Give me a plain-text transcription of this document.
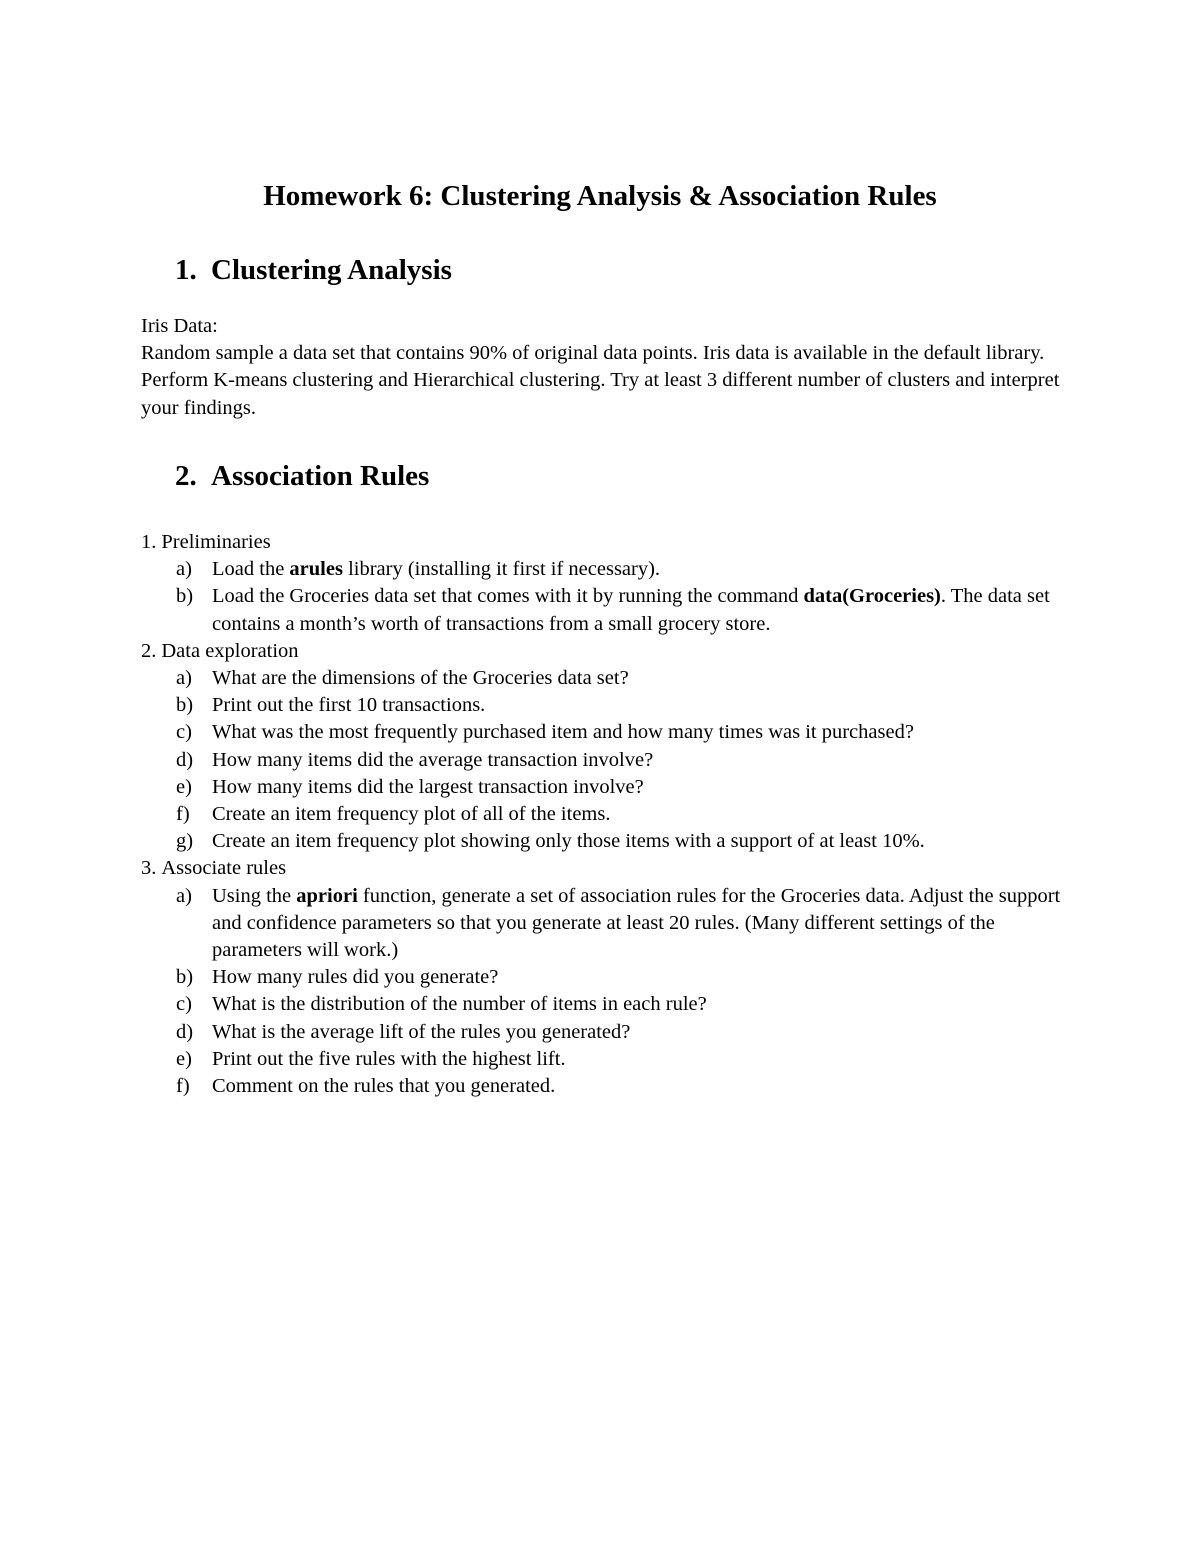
Homework 6: Clustering Analysis & Association Rules
1. Clustering Analysis

Iris Data:

Random sample a data set that contains 90% of original data points. Iris data is available in the default library. Perform K-means clustering and Hierarchical clustering. Try at least 3 different number of clusters and interpret your findings.

2. Association Rules

1. Preliminaries

a) Load the arules library (installing it first if necessary).
b) Load the Groceries data set that comes with it by running the command data(Groceries). The data set contains a month’s worth of transactions from a small grocery store.

2. Data exploration

a) What are the dimensions of the Groceries data set?
b) Print out the first 10 transactions.
c) What was the most frequently purchased item and how many times was it purchased?
d) How many items did the average transaction involve?
e) How many items did the largest transaction involve?
f) Create an item frequency plot of all of the items.
g) Create an item frequency plot showing only those items with a support of at least 10%.

3. Associate rules

a) Using the apriori function, generate a set of association rules for the Groceries data. Adjust the support and confidence parameters so that you generate at least 20 rules. (Many different settings of the parameters will work.)
b) How many rules did you generate?
c) What is the distribution of the number of items in each rule?
d) What is the average lift of the rules you generated?
e) Print out the five rules with the highest lift.
f) Comment on the rules that you generated.
